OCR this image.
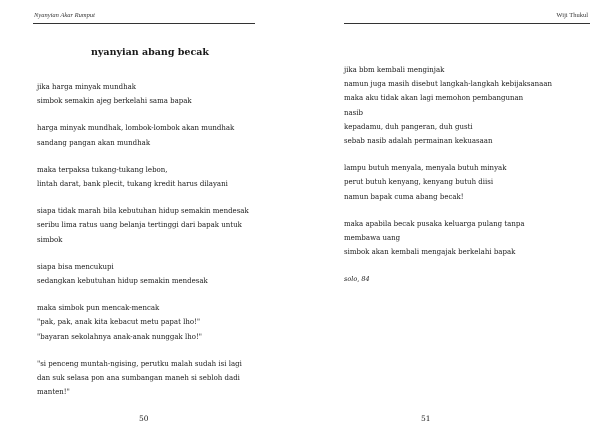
Nyanyian Akar Rumput
nyanyian abang becak
jika harga minyak mundhak
simbok semakin ajeg berkelahi sama bapak
harga minyak mundhak, lombok-lombok akan mundhak
sandang pangan akan mundhak
maka terpaksa tukang-tukang lebon,
lintah darat, bank plecit, tukang kredit harus dilayani
siapa tidak marah bila kebutuhan hidup semakin mendesak
seribu lima ratus uang belanja tertinggi dari bapak untuk
simbok
siapa bisa mencukupi
sedangkan kebutuhan hidup semakin mendesak
maka simbok pun mencak-mencak
"pak, pak, anak kita kebacut metu papat lho!"
"bayaran sekolahnya anak-anak nunggak lho!"
"si penceng muntah-ngising, perutku malah sudah isi lagi
dan suk selasa pon ana sumbangan maneh si sebloh dadi
manten!"
50
Wiji Thukul
jika bbm kembali menginjak
namun juga masih disebut langkah-langkah kebijaksanaan
maka aku tidak akan lagi memohon pembangunan
nasib
kepadamu, duh pangeran, duh gusti
sebab nasib adalah permainan kekuasaan
lampu butuh menyala, menyala butuh minyak
perut butuh kenyang, kenyang butuh diisi
namun bapak cuma abang becak!
maka apabila becak pusaka keluarga pulang tanpa
membawa uang
simbok akan kembali mengajak berkelahi bapak
solo, 84
51
